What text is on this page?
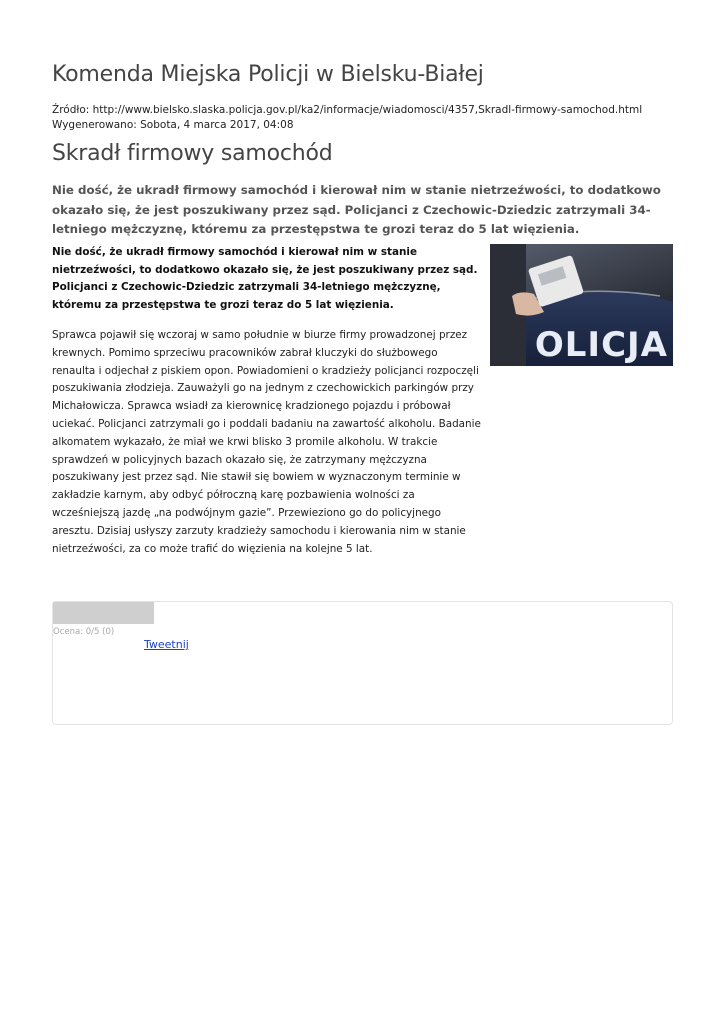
Komenda Miejska Policji w Bielsku-Białej
Źródło: http://www.bielsko.slaska.policja.gov.pl/ka2/informacje/wiadomosci/4357,Skradl-firmowy-samochod.html
Wygenerowano: Sobota, 4 marca 2017, 04:08
Skradł firmowy samochód

Nie dość, że ukradł firmowy samochód i kierował nim w stanie nietrzeźwości, to dodatkowo okazało się, że jest poszukiwany przez sąd. Policjanci z Czechowic-Dziedzic zatrzymali 34-letniego mężczyznę, któremu za przestępstwa te grozi teraz do 5 lat więzienia.

Nie dość, że ukradł firmowy samochód i kierował nim w stanie nietrzeźwości, to dodatkowo okazało się, że jest poszukiwany przez sąd. Policjanci z Czechowic-Dziedzic zatrzymali 34-letniego mężczyznę, któremu za przestępstwa te grozi teraz do 5 lat więzienia.

OLICJA

Sprawca pojawił się wczoraj w samo południe w biurze firmy prowadzonej przez krewnych. Pomimo sprzeciwu pracowników zabrał kluczyki do służbowego renaulta i odjechał z piskiem opon. Powiadomieni o kradzieży policjanci rozpoczęli poszukiwania złodzieja. Zauważyli go na jednym z czechowickich parkingów przy Michałowicza. Sprawca wsiadł za kierownicę kradzionego pojazdu i próbował uciekać. Policjanci zatrzymali go i poddali badaniu na zawartość alkoholu. Badanie alkomatem wykazało, że miał we krwi blisko 3 promile alkoholu. W trakcie sprawdzeń w policyjnych bazach okazało się, że zatrzymany mężczyzna poszukiwany jest przez sąd. Nie stawił się bowiem w wyznaczonym terminie w zakładzie karnym, aby odbyć półroczną karę pozbawienia wolności za wcześniejszą jazdę „na podwójnym gazie”. Przewieziono go do policyjnego aresztu. Dzisiaj usłyszy zarzuty kradzieży samochodu i kierowania nim w stanie nietrzeźwości, za co może trafić do więzienia na kolejne 5 lat.

Ocena: 0/5 (0)
Tweetnij
